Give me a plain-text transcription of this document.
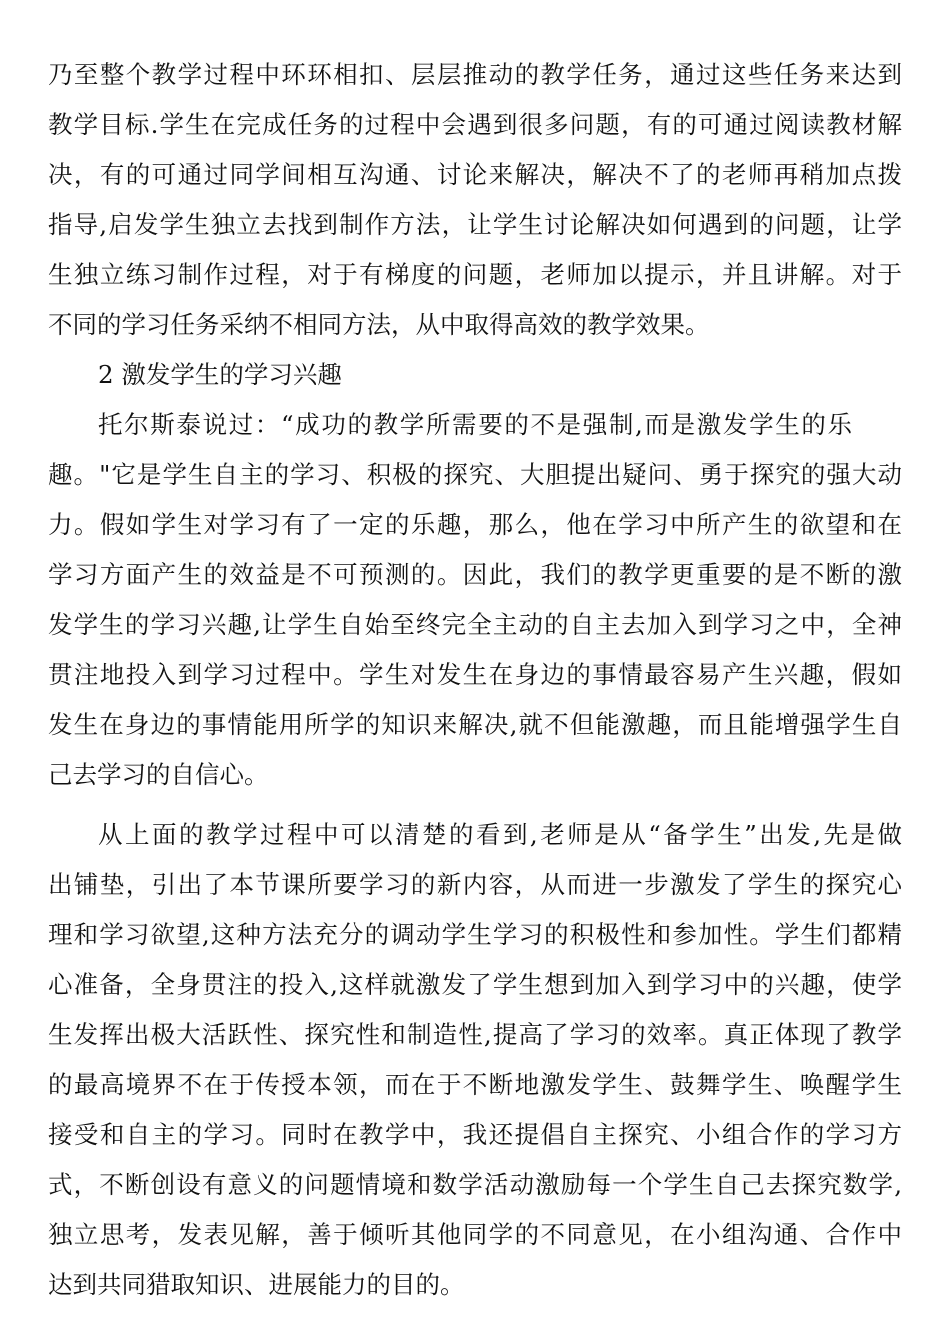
乃至整个教学过程中环环相扣、层层推动的教学任务，通过这些任务来达到
教学目标.学生在完成任务的过程中会遇到很多问题，有的可通过阅读教材解
决，有的可通过同学间相互沟通、讨论来解决，解决不了的老师再稍加点拨
指导,启发学生独立去找到制作方法，让学生讨论解决如何遇到的问题，让学
生独立练习制作过程，对于有梯度的问题，老师加以提示，并且讲解。对于
不同的学习任务采纳不相同方法，从中取得高效的教学效果。
2 激发学生的学习兴趣
托尔斯泰说过：“成功的教学所需要的不是强制,而是激发学生的乐
趣。"它是学生自主的学习、积极的探究、大胆提出疑问、勇于探究的强大动
力。假如学生对学习有了一定的乐趣，那么，他在学习中所产生的欲望和在
学习方面产生的效益是不可预测的。因此，我们的教学更重要的是不断的激
发学生的学习兴趣,让学生自始至终完全主动的自主去加入到学习之中，全神
贯注地投入到学习过程中。学生对发生在身边的事情最容易产生兴趣，假如
发生在身边的事情能用所学的知识来解决,就不但能激趣，而且能增强学生自
己去学习的自信心。
从上面的教学过程中可以清楚的看到,老师是从“备学生”出发,先是做
出铺垫，引出了本节课所要学习的新内容，从而进一步激发了学生的探究心
理和学习欲望,这种方法充分的调动学生学习的积极性和参加性。学生们都精
心准备，全身贯注的投入,这样就激发了学生想到加入到学习中的兴趣，使学
生发挥出极大活跃性、探究性和制造性,提高了学习的效率。真正体现了教学
的最高境界不在于传授本领，而在于不断地激发学生、鼓舞学生、唤醒学生
接受和自主的学习。同时在教学中，我还提倡自主探究、小组合作的学习方
式，不断创设有意义的问题情境和数学活动激励每一个学生自己去探究数学,
独立思考，发表见解，善于倾听其他同学的不同意见，在小组沟通、合作中
达到共同猎取知识、进展能力的目的。
